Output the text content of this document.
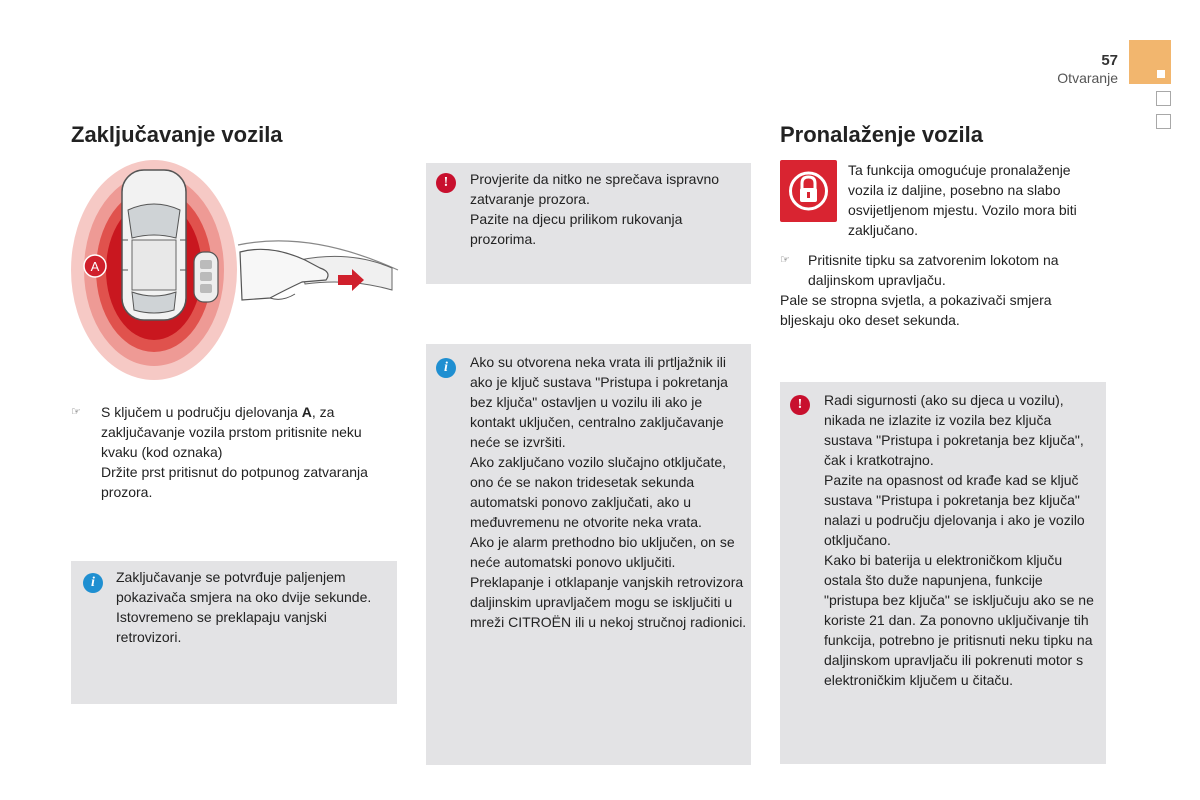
57
Otvaranje
Zaključavanje vozila
A
☞	S ključem u području djelovanja A, za zaključavanje vozila prstom pritisnite neku kvaku (kod oznaka)
Držite prst pritisnut do potpunog zatvaranja prozora.
i	Zaključavanje se potvrđuje paljenjem pokazivača smjera na oko dvije sekunde.
Istovremeno se preklapaju vanjski retrovizori.
!	Provjerite da nitko ne sprečava ispravno zatvaranje prozora.
Pazite na djecu prilikom rukovanja prozorima.
i	Ako su otvorena neka vrata ili prtljažnik ili ako je ključ sustava "Pristupa i pokretanja bez ključa" ostavljen u vozilu ili ako je kontakt uključen, centralno zaključavanje neće se izvršiti.
Ako zaključano vozilo slučajno otključate, ono će se nakon tridesetak sekunda automatski ponovo zaključati, ako u međuvremenu ne otvorite neka vrata.
Ako je alarm prethodno bio uključen, on se neće automatski ponovo uključiti.
Preklapanje i otklapanje vanjskih retrovizora daljinskim upravljačem mogu se isključiti u mreži CITROËN ili u nekoj stručnoj radionici.
Pronalaženje vozila
Ta funkcija omogućuje pronalaženje vozila iz daljine, posebno na slabo osvijetljenom mjestu. Vozilo mora biti zaključano.
☞	Pritisnite tipku sa zatvorenim lokotom na daljinskom upravljaču.
Pale se stropna svjetla, a pokazivači smjera bljeskaju oko deset sekunda.
!	Radi sigurnosti (ako su djeca u vozilu), nikada ne izlazite iz vozila bez ključa sustava "Pristupa i pokretanja bez ključa", čak i kratkotrajno.
Pazite na opasnost od krađe kad se ključ sustava "Pristupa i pokretanja bez ključa" nalazi u području djelovanja i ako je vozilo otključano.
Kako bi baterija u elektroničkom ključu ostala što duže napunjena, funkcije "pristupa bez ključa" se isključuju ako se ne koriste 21 dan. Za ponovno uključivanje tih funkcija, potrebno je pritisnuti neku tipku na daljinskom upravljaču ili pokrenuti motor s elektroničkim ključem u čitaču.
